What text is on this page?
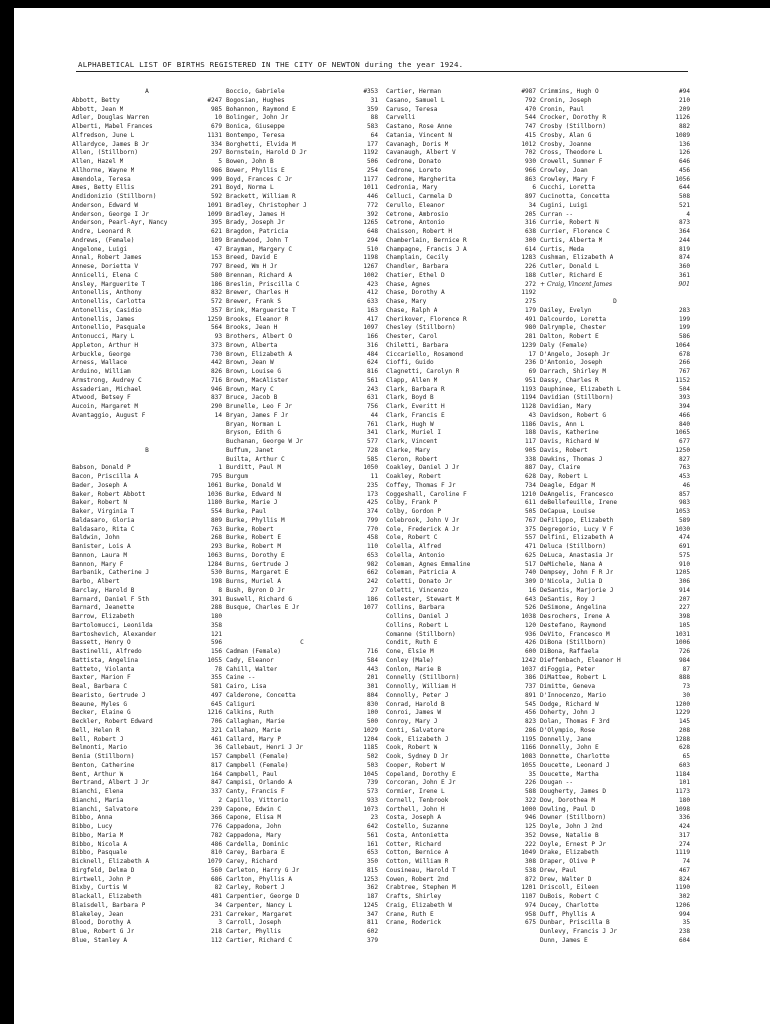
ALPHABETICAL LIST OF BIRTHS REGISTERED IN THE CITY OF NEWTON during the year 1924.
A
Abbott, Betty	#247
Abbott, Jean M	985
Adler, Douglas Warren	10
Alberti, Mabel Frances	679
Alfredson, June L	1131
Allardyce, James B Jr	334
Allen, (Stillborn)	297
Allen, Hazel M	5
Allhorne, Wayne M	986
Amendola, Teresa	999
Ames, Betty Ellis	291
Andidonizio (Stillborn)	592
Anderson, Edward W	1091
Anderson, George I Jr	1099
Anderson, Pearl-Ayr, Nancy	395
Andre, Leonard R	621
Andrews, (Female)	109
Angelone, Luigi	47
Annal, Robert James	153
Annese, Dorietta V	797
Annicelli, Elena C	580
Ansley, Marguerite T	186
Antonellis, Anthony	832
Antonellis, Carlotta	572
Antonellis, Casidio	357
Antonellis, James	1259
Antonellio, Pasquale	564
Antonucci, Mary L	93
Appleton, Arthur H	373
Arbuckle, George	730
Arness, Wallace	442
Arduino, William	826
Armstrong, Audrey C	716
Assaderian, Michael	946
Atwood, Betsey F	837
Aucoin, Margaret M	290
Avantaggio, August F	14
B
Babson, Donald P	1
Bacon, Priscilla A	795
Bader, Joseph A	1061
Baker, Robert Abbott	1036
Baker, Robert N	1180
Baker, Virginia T	554
Baldasaro, Gloria	809
Baldasaro, Rita C	763
Baldwin, John	268
Banister, Lois A	293
Bannon, Laura M	1063
Bannon, Mary F	1284
Barbanik, Catherine J	530
Barbo, Albert	198
Barclay, Harold B	8
Barnard, Daniel F 5th	391
Barnard, Jeanette	288
Barrow, Elizabeth	180
Bartolomucci, Leonilda	358
Bartoshevich, Alexander	121
Bassett, Henry O	596
Bastinelli, Alfredo	156
Battista, Angelina	1055
Batteto, Violanta	78
Baxter, Marion F	355
Beal, Barbara C	581
Bearisto, Gertrude J	497
Beaune, Myles G	645
Becker, Elaine G	1216
Beckler, Robert Edward	706
Bell, Helen R	321
Bell, Robert J	461
Belmonti, Mario	36
Benia (Stillborn)	157
Benton, Catherine	817
Bent, Arthur W	164
Bertrand, Albert J Jr	847
Bianchi, Elena	337
Bianchi, Maria	2
Bianchi, Salvatore	239
Bibbo, Anna	366
Bibbo, Lucy	776
Bibbo, Maria M	782
Bibbo, Nicola A	486
Bibbo, Pasquale	810
Bicknell, Elizabeth A	1079
Birgfeld, Delma D	560
Birtwell, John P	686
Bixby, Curtis W	82
Blackall, Elizabeth	481
Blaisdell, Barbara P	34
Blakeley, Jean	231
Blood, Dorothy A	3
Blue, Robert G Jr	218
Blue, Stanley A	112
Boccio, Gabriele	#353
Bogosian, Hughes	31
Bohannon, Raymond E	359
Bolinger, John Jr	88
Bonica, Giuseppe	583
Bontempo, Teresa	64
Borghetti, Elvida M	177
Bornstein, Harold D Jr	1192
Bowen, John B	506
Bower, Phyllis E	254
Boyd, Frances C Jr	1177
Boyd, Norma L	1011
Brackett, William R	446
Bradley, Christopher J	772
Bradley, James H	392
Brady, Joseph Jr	1265
Bragdon, Patricia	648
Brandwood, John T	294
Brayman, Margery C	510
Breed, David E	1198
Breed, Wm H Jr	1267
Brennan, Richard A	1002
Breslin, Priscilla C	423
Brewer, Charles H	412
Brewer, Frank S	633
Brink, Marguerite T	163
Brooks, Eleanor R	417
Brooks, Jean H	1097
Brothers, Albert O	166
Brown, Alberta	316
Brown, Elizabeth A	484
Brown, Jean W	624
Brown, Louise G	816
Brown, MacAlister	561
Brown, Mary C	243
Bruce, Jacob B	631
Brunelle, Leo F Jr	756
Bryan, James F Jr	44
Bryan, Norman L	761
Bryson, Edith G	341
Buchanan, George W Jr	577
Buffum, Janet	728
Builta, Arthur C	585
Burditt, Paul M	1050
Burgum	11
Burke, Donald W	235
Burke, Edward N	173
Burke, Marie J	425
Burke, Paul	374
Burke, Phyllis M	799
Burke, Robert	770
Burke, Robert E	458
Burke, Robert M	110
Burns, Dorothy E	653
Burns, Gertrude J	982
Burns, Margaret E	662
Burns, Muriel A	242
Bush, Byron D Jr	27
Buswell, Richard G	186
Busque, Charles E Jr	1077
C
Cadman (Female)	716
Cady, Eleanor	584
Cahill, Walter	443
Caine --	201
Cairo, Lisa	301
Calderone, Concetta	804
Caliguri	830
Calkins, Ruth	100
Callaghan, Marie	500
Callahan, Marie	1029
Callard, Mary P	1204
Callebaut, Henri J Jr	1185
Campbell (Female)	502
Campbell (Female)	503
Campbell, Paul	1045
Campisi, Orlando A	739
Canty, Francis F	573
Capillo, Vittorio	933
Capone, Edwin C	1073
Capone, Elisa M	23
Cappadona, John	642
Cappadona, Mary	561
Cardella, Dominic	161
Carey, Barbara E	653
Carey, Richard	350
Carleton, Harry G Jr	815
Carlton, Phyllis A	1253
Carley, Robert J	362
Carpentier, George D	187
Carpenter, Nancy L	1245
Carreker, Margaret	347
Carroll, Joseph	811
Carter, Phyllis	602
Cartier, Richard C	379
Cartier, Herman	#987
Casano, Samuel L	792
Caruso, Teresa	470
Carvelli	544
Castano, Rose Anne	747
Catania, Vincent N	415
Cavanagh, Doris M	1012
Cavanaugh, Albert V	702
Cedrone, Donato	930
Cedrone, Loreto	966
Cedrone, Margherita	863
Cedronia, Mary	6
Celluci, Carmela D	897
Cerullo, Eleanor	34
Cetrone, Ambrosio	205
Cetrone, Antonio	316
Chaisson, Robert H	638
Chamberlain, Bernice R	300
Champagne, Francis J A	614
Champlain, Cecily	1283
Chandler, Barbara	226
Chatier, Ethel D	188
Chase, Agnes	272
Chase, Dorothy A	1192
Chase, Mary	275
Chase, Ralph A	179
Cherikover, Florence R	491
Chesley (Stillborn)	980
Chester, Carol	281
Chiletti, Barbara	1239
Ciccariello, Rosamond	17
Cioffi, Guido	236
Clagnetti, Carolyn R	69
Clapp, Allen M	951
Clark, Barbara R	1193
Clark, Boyd B	1194
Clark, Everitt H	1128
Clark, Francis E	43
Clark, Hugh W	1186
Clark, Muriel I	188
Clark, Vincent	117
Clarke, Mary	905
Cleron, Robert	338
Coakley, Daniel J Jr	887
Coakley, Robert	628
Coffey, Thomas F Jr	734
Coggeshall, Caroline F	1210
Colby, Frank P	611
Colby, Gordon P	505
Colebrook, John V Jr	767
Cole, Frederick A Jr	375
Cole, Robert C	557
Colella, Alfred	471
Colella, Antonio	625
Coleman, Agnes Emmaline	517
Coleman, Patricia A	740
Coletti, Donato Jr	309
Coletti, Vincenzo	16
Collester, Stewart M	643
Collins, Barbara	526
Collins, Daniel J	1038
Collins, Robert L	120
Comanne (Stillborn)	936
Condit, Ruth E	426
Cone, Elsie M	600
Conley (Male)	1242
Conlon, Marie B	1037
Connelly (Stillborn)	386
Connolly, William H	737
Connolly, Peter J	891
Conrad, Harold B	545
Conroi, James W	456
Conroy, Mary J	823
Conti, Salvatore	286
Cook, Elizabeth J	1195
Cook, Robert W	1166
Cook, Sydney D Jr	1083
Cooper, Robert W	1055
Copeland, Dorothy E	35
Corcoran, John E Jr	226
Cormier, Irene L	588
Cornell, Tenbrook	322
Corthell, John H	1000
Costa, Joseph A	946
Costello, Suzanne	125
Costa, Antonietta	352
Cotter, Richard	222
Cotton, Bernice A	1049
Cotton, William R	308
Cousineau, Harold T	538
Cowen, Robert 2nd	872
Crabtree, Stephen M	1201
Crafts, Shirley	1107
Craig, Elizabeth W	974
Crane, Ruth E	958
Crane, Roderick	675
Crimmins, Hugh O	#94
Cronin, Joseph	210
Cronin, Paul	209
Crocker, Dorothy R	1126
Crosby (Stillborn)	882
Crosby, Alan G	1089
Crosby, Joanne	136
Cross, Theodore L	126
Crowell, Sumner F	646
Crowley, Joan	456
Crowley, Mary F	1056
Cucchi, Loretta	644
Cucinotta, Concetta	508
Cugini, Luigi	521
Curran --	4
Currie, Robert N	873
Currier, Florence C	364
Curtis, Alberta M	244
Curtis, Meda	819
Cushman, Elizabeth A	874
Cutler, Donald L	360
Cutler, Richard E	361
+ Craig, Vincent James	901
D
Dailey, Evelyn	283
Dalcourdo, Loretta	199
Dalrymple, Chester	199
Dalton, Robert E	586
Daly (Female)	1064
D'Angelo, Joseph Jr	678
D'Antonio, Joseph	266
Darrach, Shirley M	767
Dassy, Charles R	1152
Dauphinee, Elizabeth L	504
Davidian (Stillborn)	393
Davidian, Mary	394
Davidson, Robert G	466
Davis, Ann L	840
Davis, Katherine	1065
Davis, Richard W	677
Davis, Robert	1250
Dawkins, Thomas J	827
Day, Claire	763
Day, Robert L	453
Deagle, Edgar M	46
DeAngelis, Francesco	857
deBellefeuille, Irene	983
DeCapua, Louise	1053
DeFilippo, Elizabeth	589
Degregorio, Lucy V F	1030
Delfini, Elizabeth A	474
Deluca (Stillborn)	691
DeLuca, Anastasia Jr	575
DeMichele, Nana A	910
Dempsey, John F R Jr	1205
D'Nicola, Julia D	306
DeSantis, Marjorie J	914
DeSantis, Roy J	207
DeSimone, Angelina	227
Desrochers, Irene A	398
Destefano, Raymond	105
DeVito, Francesco M	1031
DiBona (Stillborn)	1006
DiBona, Raffaela	726
Dieffenbach, Eleanor H	984
diFoggia, Peter	87
DiMattee, Robert L	888
Dimitte, Geneva	73
D'Innocenzo, Mario	30
Dodge, Richard W	1200
Doherty, John J	1229
Dolan, Thomas F 3rd	145
D'Olympio, Rose	208
Donnelly, Jane	1288
Donnelly, John E	628
Donnette, Charlotte	65
Doucette, Leonard J	603
Doucette, Martha	1184
Dougan --	101
Dougherty, James D	1173
Dow, Dorothea M	180
Dowling, Paul D	1098
Downer (Stillborn)	336
Doyle, John J 2nd	424
Dowse, Natalie B	317
Doyle, Ernest P Jr	274
Drake, Elizabeth	1119
Draper, Olive P	74
Drew, Paul	467
Drew, Walter D	824
Driscoll, Eileen	1190
DuBois, Robert C	302
Ducey, Charlotte	1206
Duff, Phyllis A	994
Dunbar, Priscilla B	35
Dunlevy, Francis J Jr	238
Dunn, James E	604
